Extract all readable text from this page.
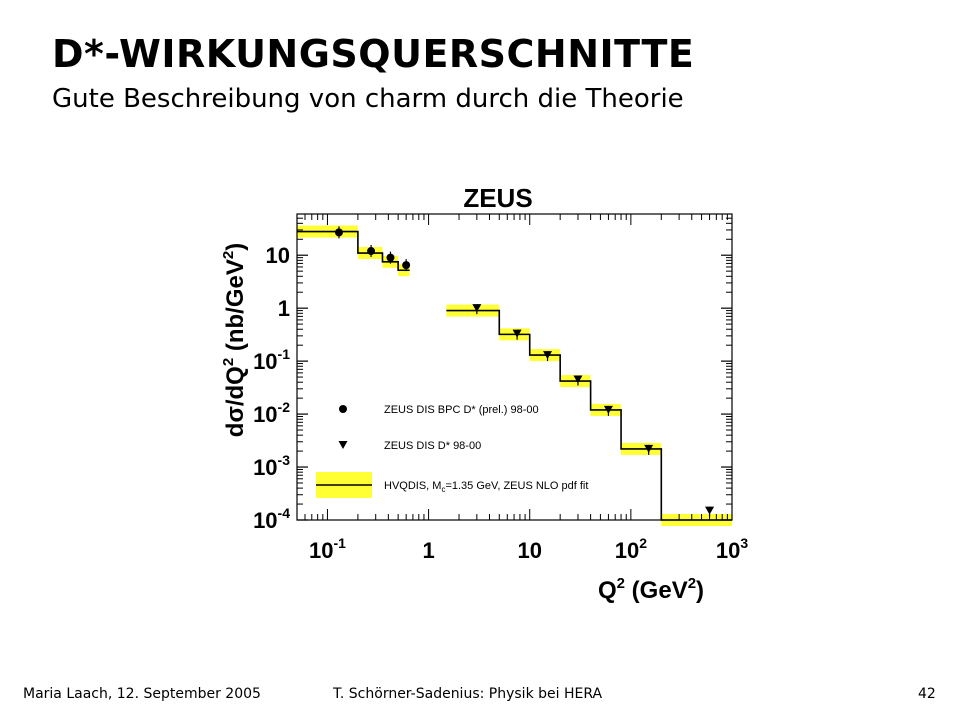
D*-WIRKUNGSQUERSCHNITTE
Gute Beschreibung von charm durch die Theorie
ZEUS
10
1
$10^{-1}$
$10^{-2}$
$10^{-3}$
$10^{-4}$
$10^{-1}$	1	10	$10^2$	$10^3$
ZEUS DIS BPC D* (prel.) 98-00
ZEUS DIS D* 98-00
HVQDIS, $M_c=1.35$ GeV, ZEUS NLO pdf fit
$d\sigma/dQ^2$ (nb/GeV$^2$)
$Q^2$ (GeV$^2$)
Maria Laach, 12. September 2005	T. Schörner-Sadenius: Physik bei HERA	42
